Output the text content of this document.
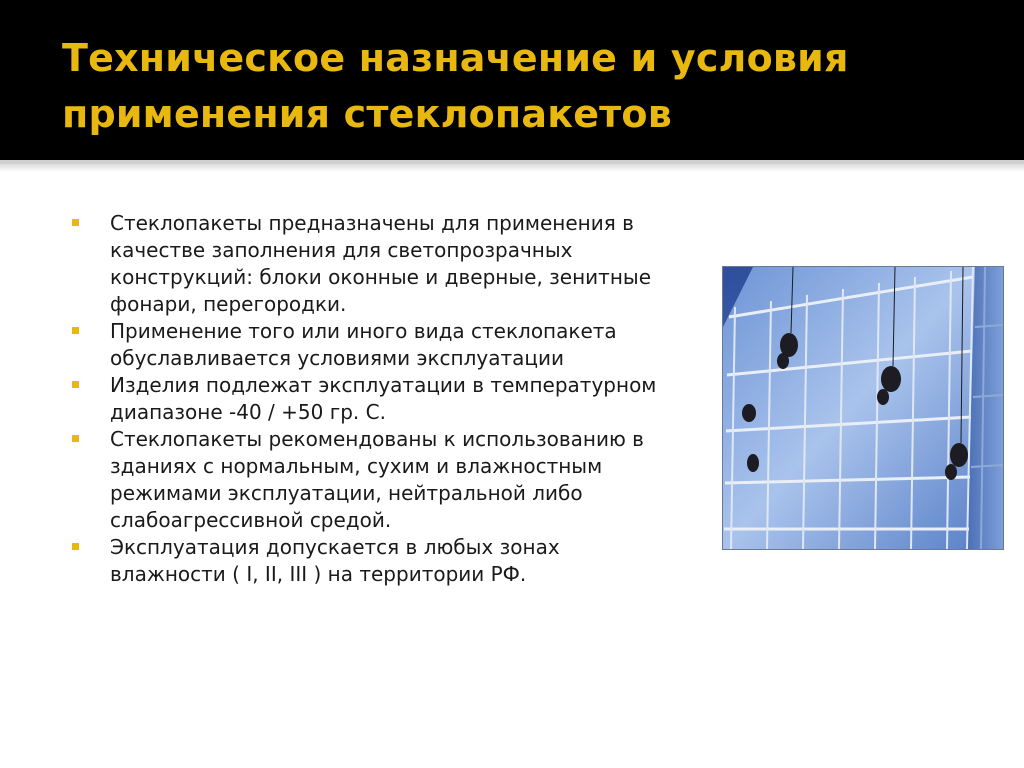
Техническое назначение и условия применения стеклопакетов
Стеклопакеты предназначены для применения в качестве заполнения для светопрозрачных конструкций: блоки оконные и дверные, зенитные фонари, перегородки.
Применение того или иного вида стеклопакета обуславливается условиями эксплуатации
Изделия подлежат эксплуатации в температурном диапазоне -40 / +50 гр. С.
Стеклопакеты рекомендованы к использованию в зданиях с нормальным, сухим и влажностным режимами эксплуатации, нейтральной либо слабоагрессивной средой.
Эксплуатация допускается в любых зонах влажности ( I, II, III ) на территории РФ.
